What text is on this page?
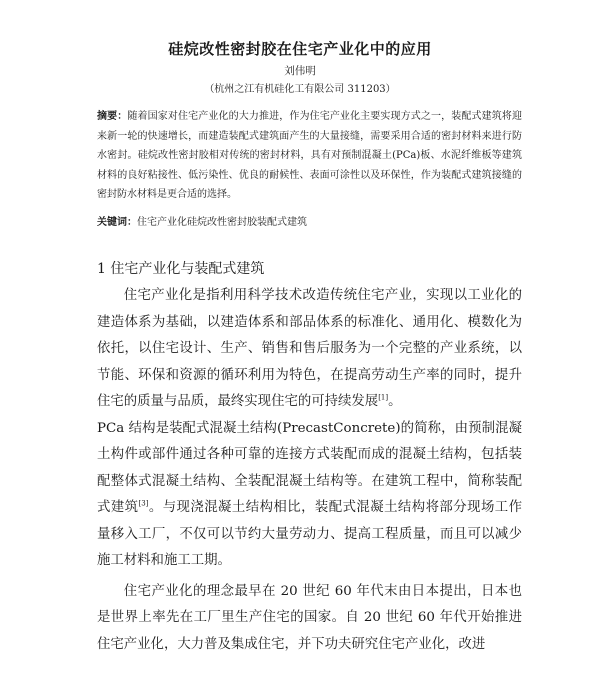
硅烷改性密封胶在住宅产业化中的应用
刘伟明
（杭州之江有机硅化工有限公司 311203）
摘要：随着国家对住宅产业化的大力推进，作为住宅产业化主要实现方式之一，装配式建筑将迎来新一轮的快速增长，而建造装配式建筑面产生的大量接缝，需要采用合适的密封材料来进行防水密封。硅烷改性密封胶相对传统的密封材料，具有对预制混凝土(PCa)板、水泥纤维板等建筑材料的良好粘接性、低污染性、优良的耐候性、表面可涂性以及环保性，作为装配式建筑接缝的密封防水材料是更合适的选择。
关键词：住宅产业化硅烷改性密封胶装配式建筑
1 住宅产业化与装配式建筑

住宅产业化是指利用科学技术改造传统住宅产业，实现以工业化的建造体系为基础，以建造体系和部品体系的标准化、通用化、模数化为依托，以住宅设计、生产、销售和售后服务为一个完整的产业系统，以节能、环保和资源的循环利用为特色，在提高劳动生产率的同时，提升住宅的质量与品质，最终实现住宅的可持续发展[1]。

PCa 结构是装配式混凝土结构(PrecastConcrete)的简称，由预制混凝土构件或部件通过各种可靠的连接方式装配而成的混凝土结构，包括装配整体式混凝土结构、全装配混凝土结构等。在建筑工程中，简称装配式建筑[3]。与现浇混凝土结构相比，装配式混凝土结构将部分现场工作量移入工厂，不仅可以节约大量劳动力、提高工程质量，而且可以减少施工材料和施工工期。

住宅产业化的理念最早在 20 世纪 60 年代末由日本提出，日本也是世界上率先在工厂里生产住宅的国家。自 20 世纪 60 年代开始推进住宅产业化，大力普及集成住宅，并下功夫研究住宅产业化，改进
